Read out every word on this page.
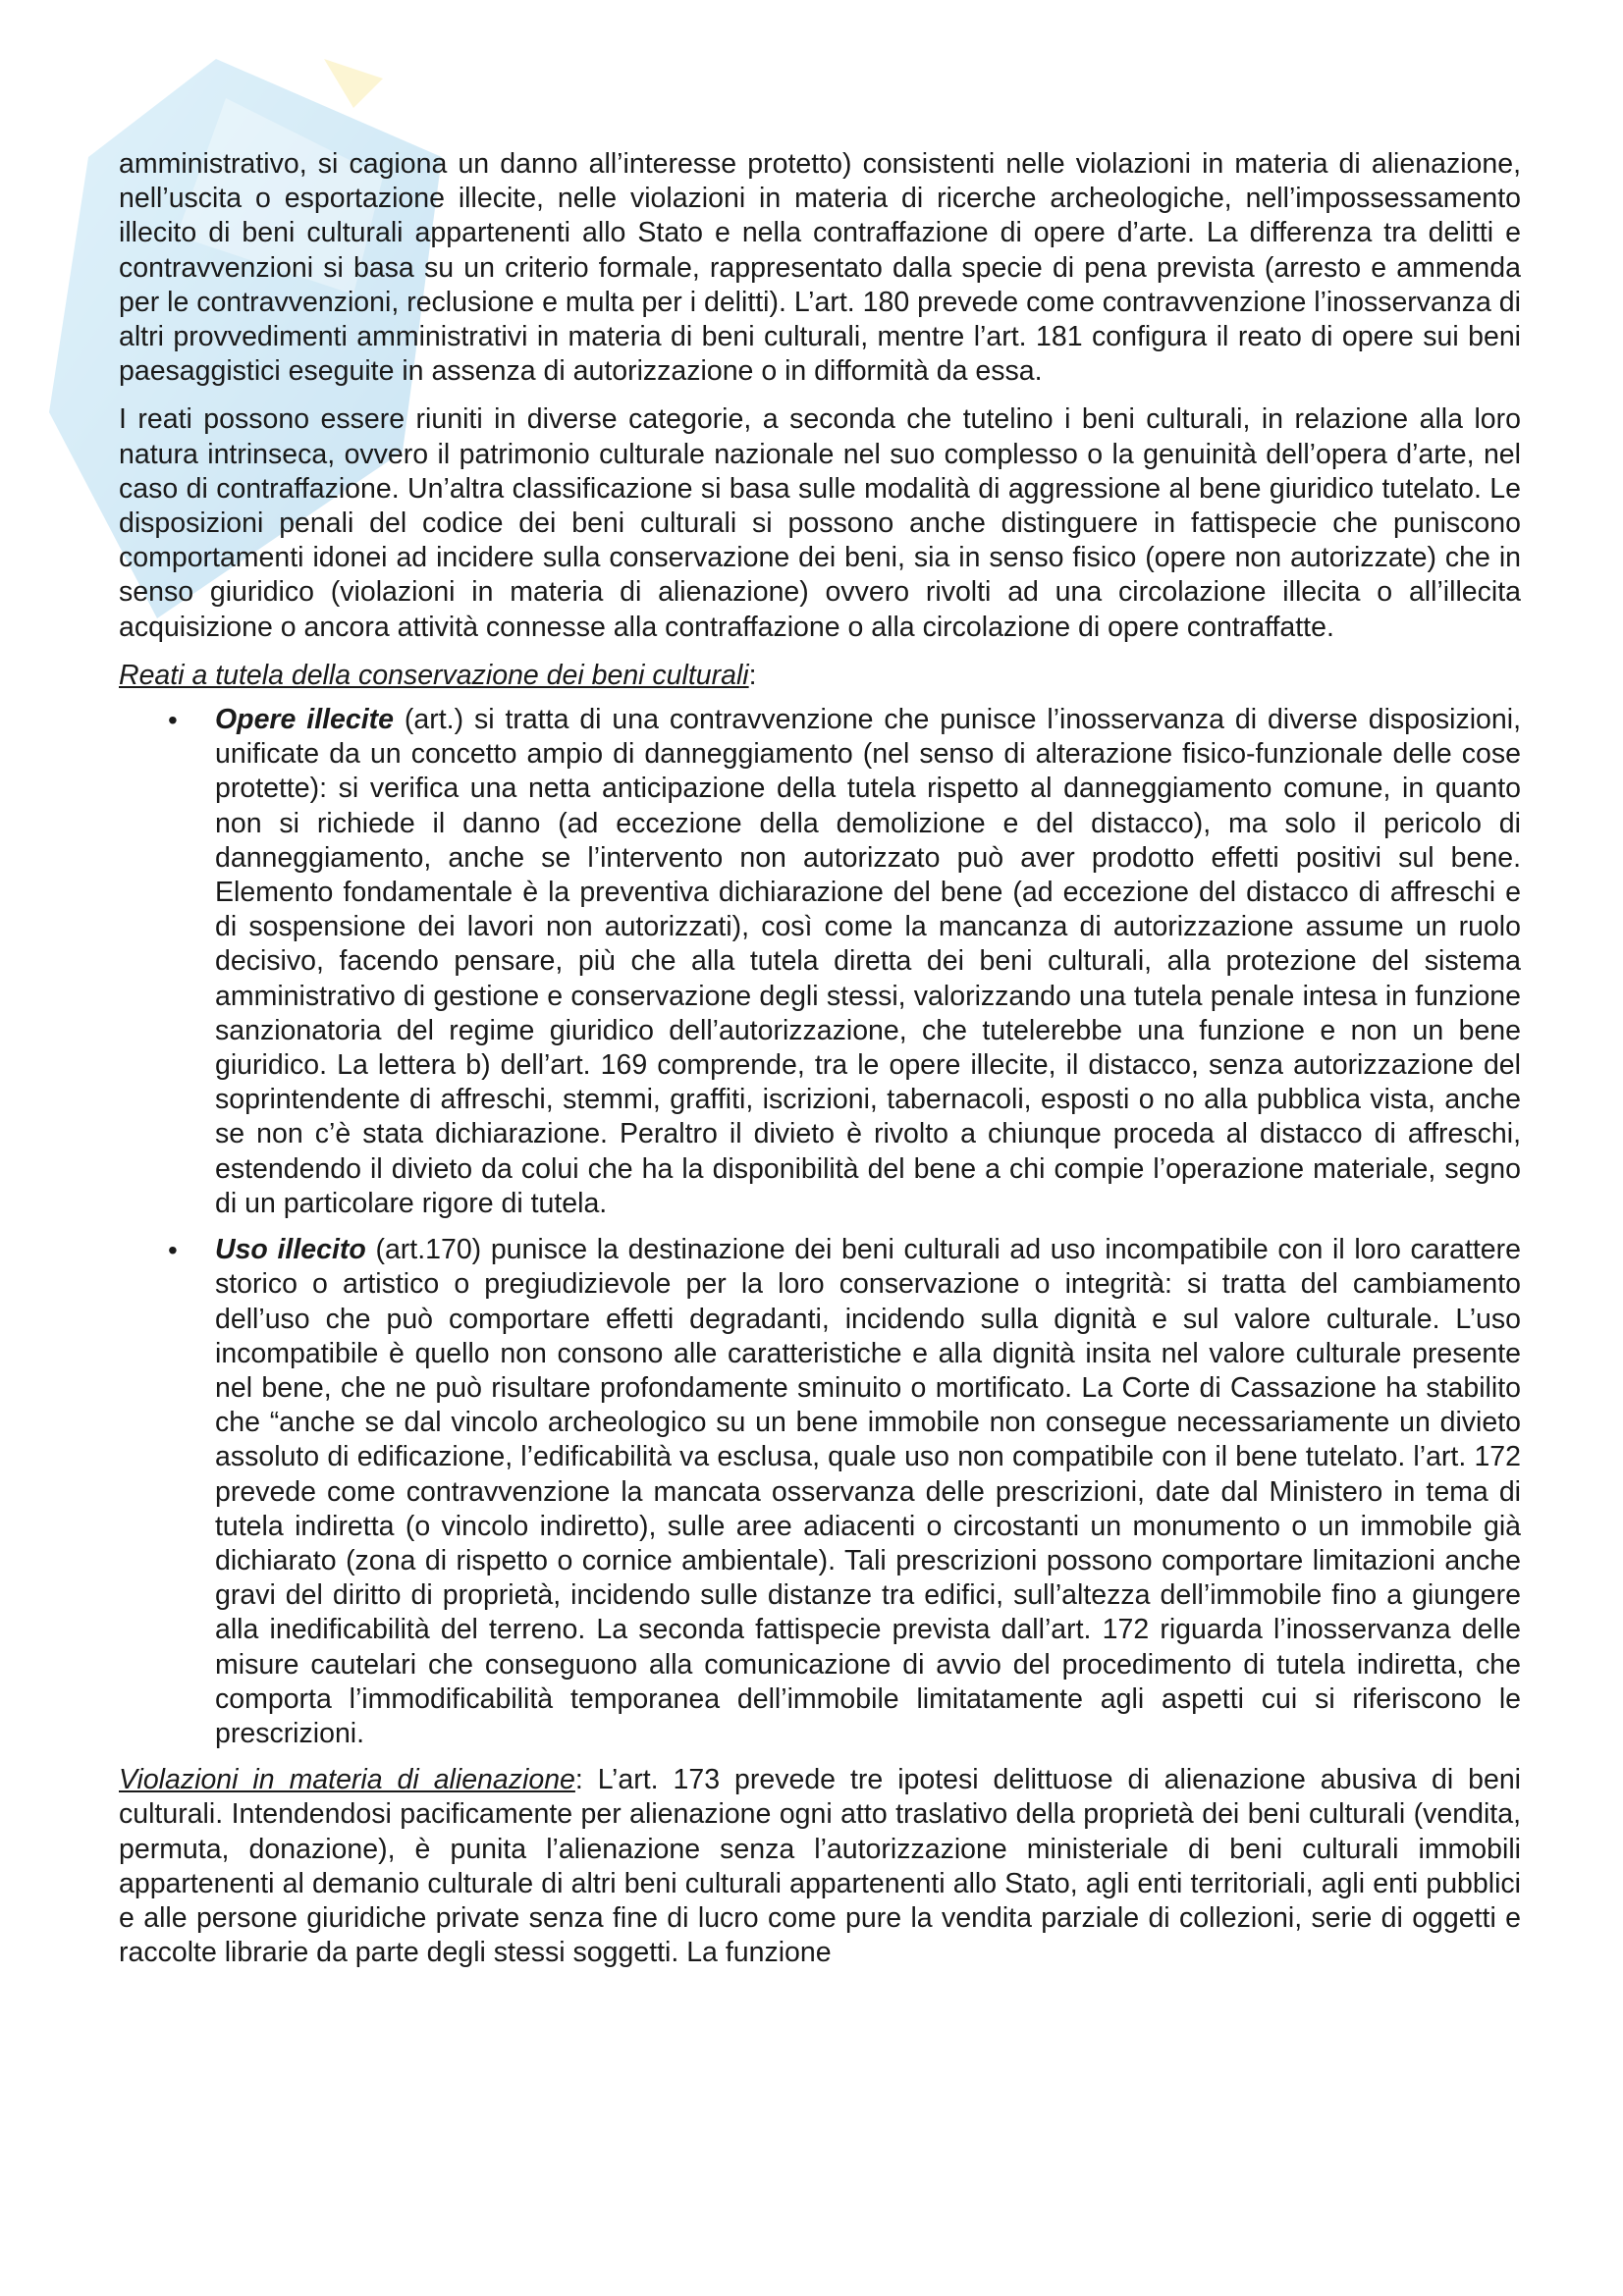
amministrativo, si cagiona un danno all’interesse protetto) consistenti nelle violazioni in materia di alienazione, nell’uscita o esportazione illecite, nelle violazioni in materia di ricerche archeologiche, nell’impossessamento illecito di beni culturali appartenenti allo Stato e nella contraffazione di opere d’arte. La differenza tra delitti e contravvenzioni si basa su un criterio formale, rappresentato dalla specie di pena prevista (arresto e ammenda per le contravvenzioni, reclusione e multa per i delitti). L’art. 180 prevede come contravvenzione l’inosservanza di altri provvedimenti amministrativi in materia di beni culturali, mentre l’art. 181 configura il reato di opere sui beni paesaggistici eseguite in assenza di autorizzazione o in difformità da essa.

I reati possono essere riuniti in diverse categorie, a seconda che tutelino i beni culturali, in relazione alla loro natura intrinseca, ovvero il patrimonio culturale nazionale nel suo complesso o la genuinità dell’opera d’arte, nel caso di contraffazione. Un’altra classificazione si basa sulle modalità di aggressione al bene giuridico tutelato. Le disposizioni penali del codice dei beni culturali si possono anche distinguere in fattispecie che puniscono comportamenti idonei ad incidere sulla conservazione dei beni, sia in senso fisico (opere non autorizzate) che in senso giuridico (violazioni in materia di alienazione) ovvero rivolti ad una circolazione illecita o all’illecita acquisizione o ancora attività connesse alla contraffazione o alla circolazione di opere contraffatte.

Reati a tutela della conservazione dei beni culturali:

• Opere illecite (art.) si tratta di una contravvenzione che punisce l’inosservanza di diverse disposizioni, unificate da un concetto ampio di danneggiamento (nel senso di alterazione fisico-funzionale delle cose protette): si verifica una netta anticipazione della tutela rispetto al danneggiamento comune, in quanto non si richiede il danno (ad eccezione della demolizione e del distacco), ma solo il pericolo di danneggiamento, anche se l’intervento non autorizzato può aver prodotto effetti positivi sul bene. Elemento fondamentale è la preventiva dichiarazione del bene (ad eccezione del distacco di affreschi e di sospensione dei lavori non autorizzati), così come la mancanza di autorizzazione assume un ruolo decisivo, facendo pensare, più che alla tutela diretta dei beni culturali, alla protezione del sistema amministrativo di gestione e conservazione degli stessi, valorizzando una tutela penale intesa in funzione sanzionatoria del regime giuridico dell’autorizzazione, che tutelerebbe una funzione e non un bene giuridico. La lettera b) dell’art. 169 comprende, tra le opere illecite, il distacco, senza autorizzazione del soprintendente di affreschi, stemmi, graffiti, iscrizioni, tabernacoli, esposti o no alla pubblica vista, anche se non c’è stata dichiarazione. Peraltro il divieto è rivolto a chiunque proceda al distacco di affreschi, estendendo il divieto da colui che ha la disponibilità del bene a chi compie l’operazione materiale, segno di un particolare rigore di tutela.
• Uso illecito (art.170) punisce la destinazione dei beni culturali ad uso incompatibile con il loro carattere storico o artistico o pregiudizievole per la loro conservazione o integrità: si tratta del cambiamento dell’uso che può comportare effetti degradanti, incidendo sulla dignità e sul valore culturale. L’uso incompatibile è quello non consono alle caratteristiche e alla dignità insita nel valore culturale presente nel bene, che ne può risultare profondamente sminuito o mortificato. La Corte di Cassazione ha stabilito che “anche se dal vincolo archeologico su un bene immobile non consegue necessariamente un divieto assoluto di edificazione, l’edificabilità va esclusa, quale uso non compatibile con il bene tutelato. l’art. 172 prevede come contravvenzione la mancata osservanza delle prescrizioni, date dal Ministero in tema di tutela indiretta (o vincolo indiretto), sulle aree adiacenti o circostanti un monumento o un immobile già dichiarato (zona di rispetto o cornice ambientale). Tali prescrizioni possono comportare limitazioni anche gravi del diritto di proprietà, incidendo sulle distanze tra edifici, sull’altezza dell’immobile fino a giungere alla inedificabilità del terreno. La seconda fattispecie prevista dall’art. 172 riguarda l’inosservanza delle misure cautelari che conseguono alla comunicazione di avvio del procedimento di tutela indiretta, che comporta l’immodificabilità temporanea dell’immobile limitatamente agli aspetti cui si riferiscono le prescrizioni.

Violazioni in materia di alienazione: L’art. 173 prevede tre ipotesi delittuose di alienazione abusiva di beni culturali. Intendendosi pacificamente per alienazione ogni atto traslativo della proprietà dei beni culturali (vendita, permuta, donazione), è punita l’alienazione senza l’autorizzazione ministeriale di beni culturali immobili appartenenti al demanio culturale di altri beni culturali appartenenti allo Stato, agli enti territoriali, agli enti pubblici e alle persone giuridiche private senza fine di lucro come pure la vendita parziale di collezioni, serie di oggetti e raccolte librarie da parte degli stessi soggetti. La funzione
